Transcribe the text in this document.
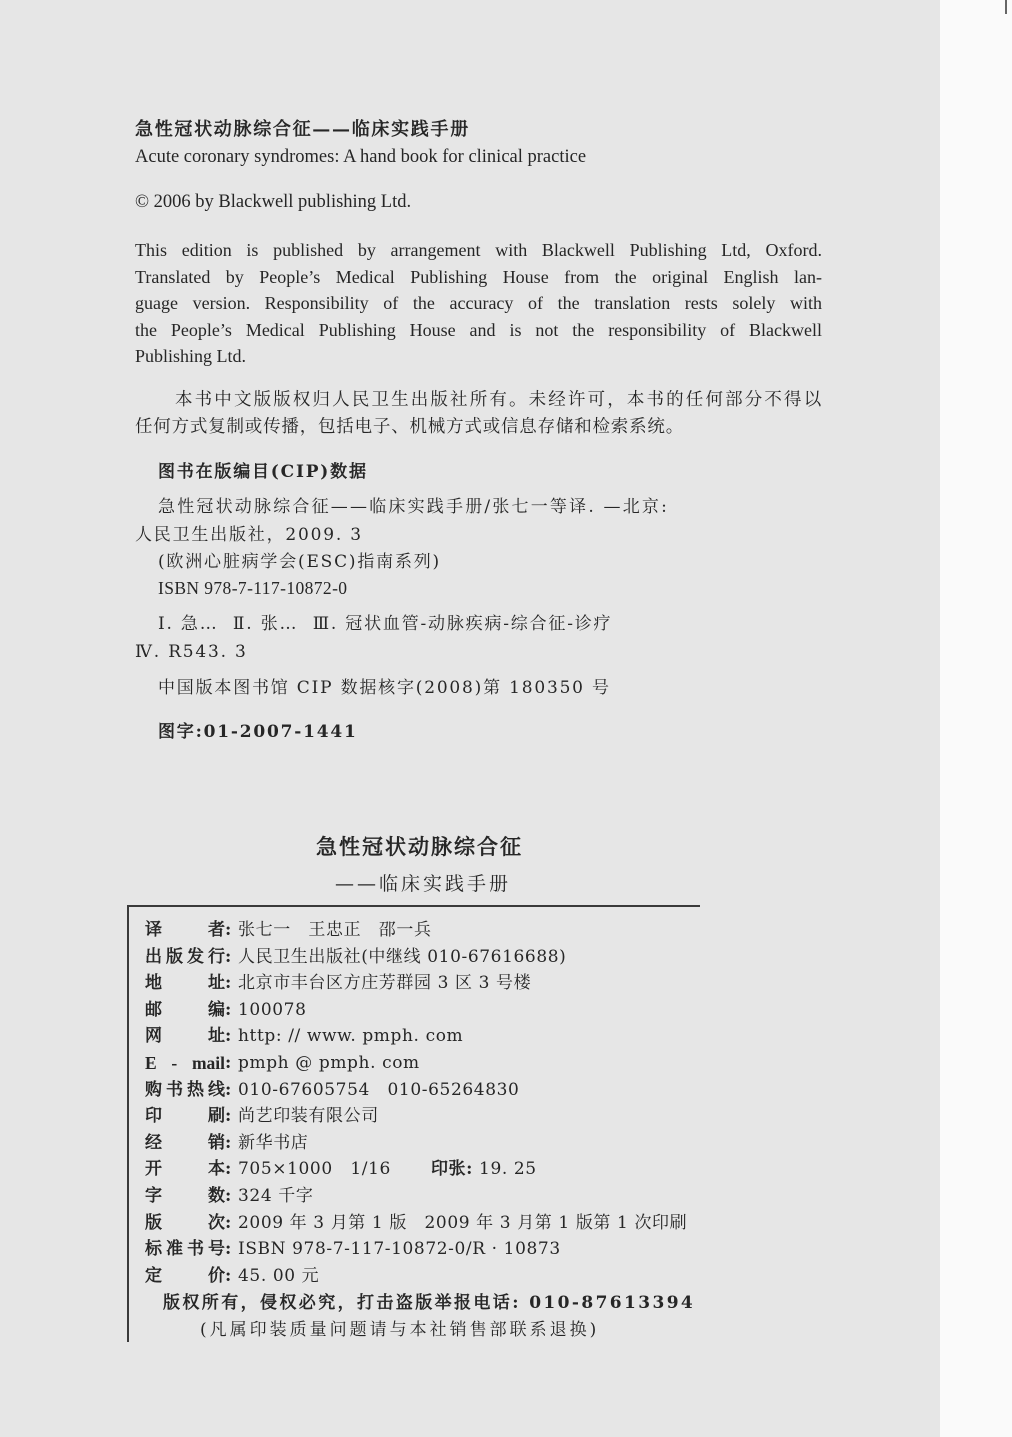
急性冠状动脉综合征——临床实践手册
Acute coronary syndromes: A hand book for clinical practice
© 2006 by Blackwell publishing Ltd.
This edition is published by arrangement with Blackwell Publishing Ltd, Oxford.
Translated by People’s Medical Publishing House from the original English lan-
guage version. Responsibility of the accuracy of the translation rests solely with
the People’s Medical Publishing House and is not the responsibility of Blackwell
Publishing Ltd.
本书中文版版权归人民卫生出版社所有。未经许可，本书的任何部分不得以
任何方式复制或传播，包括电子、机械方式或信息存储和检索系统。
图书在版编目(CIP)数据
急性冠状动脉综合征——临床实践手册/张七一等译. —北京:
人民卫生出版社，2009. 3
(欧洲心脏病学会(ESC)指南系列)
ISBN 978-7-117-10872-0
Ⅰ. 急…  Ⅱ. 张…  Ⅲ. 冠状血管-动脉疾病-综合征-诊疗
Ⅳ. R543. 3
中国版本图书馆 CIP 数据核字(2008)第 180350 号
图字:01-2007-1441
急性冠状动脉综合征
——临床实践手册
译者: 张七一　王忠正　邵一兵
出版发行: 人民卫生出版社(中继线 010-67616688)
地址: 北京市丰台区方庄芳群园 3 区 3 号楼
邮编: 100078
网址: http: // www. pmph. com
E - mail: pmph @ pmph. com
购书热线: 010-67605754　010-65264830
印刷: 尚艺印装有限公司
经销: 新华书店
开本: 705×1000　1/16 印张: 19. 25
字数: 324 千字
版次: 2009 年 3 月第 1 版　2009 年 3 月第 1 版第 1 次印刷
标准书号: ISBN 978-7-117-10872-0/R · 10873
定价: 45. 00 元
版权所有，侵权必究，打击盗版举报电话: 010-87613394
(凡属印装质量问题请与本社销售部联系退换)
